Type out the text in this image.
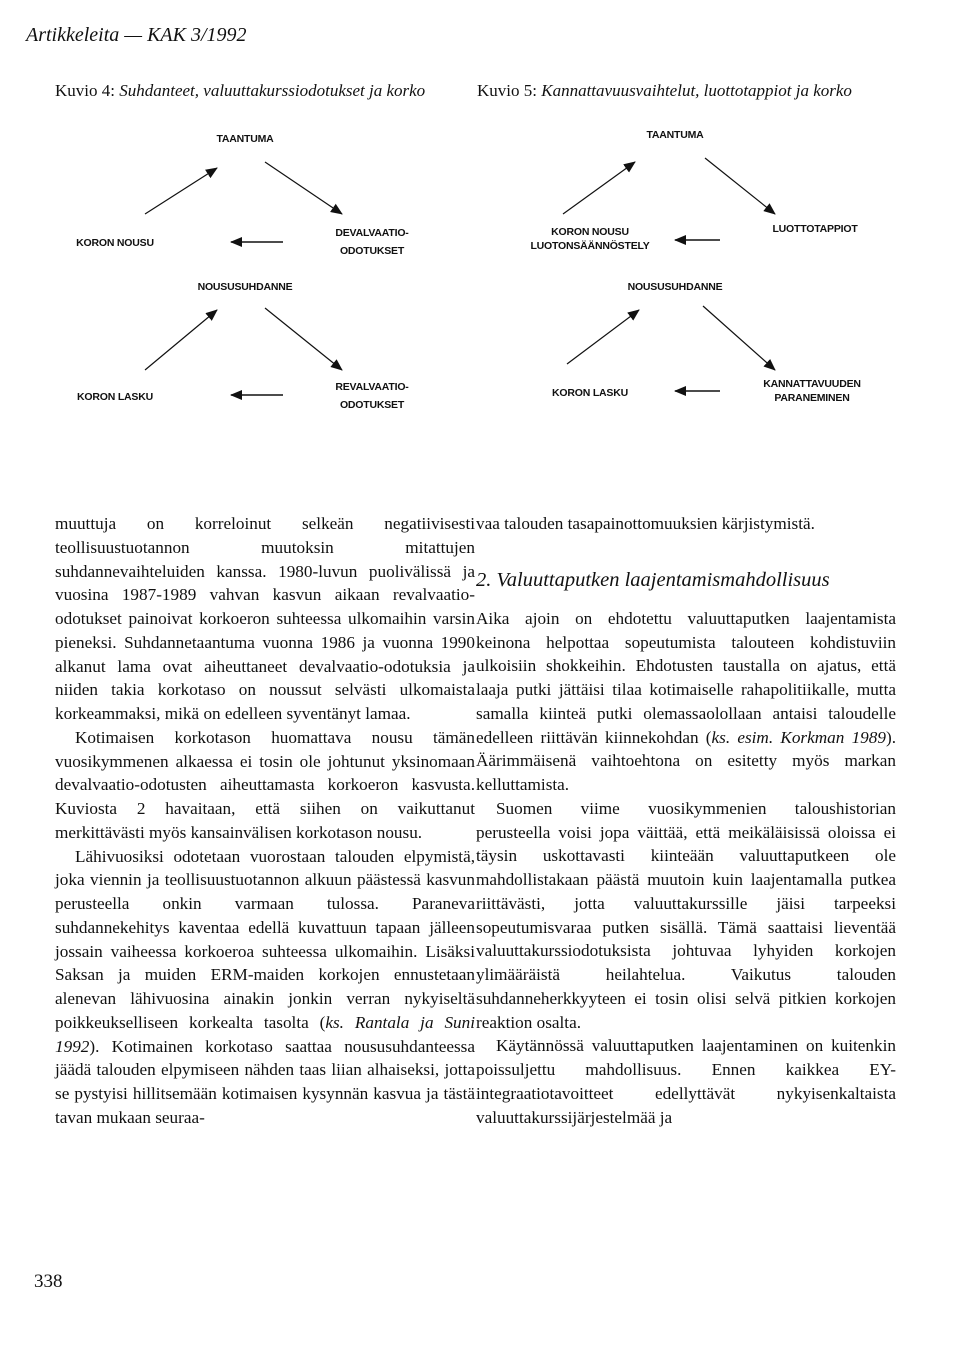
Artikkeleita — KAK 3/1992
Kuvio 4: Suhdanteet, valuuttakurssiodotukset ja korko	Kuvio 5: Kannattavuusvaihtelut, luottotappiot ja korko
TAANTUMA
KORON NOUSU
DEVALVAATIO-
ODOTUKSET
NOUSUSUHDANNE
KORON LASKU
REVALVAATIO-
ODOTUKSET
TAANTUMA
KORON NOUSU
LUOTONSÄÄNNÖSTELY
LUOTTOTAPPIOT
NOUSUSUHDANNE
KORON LASKU
KANNATTAVUUDEN
PARANEMINEN

muuttuja on korreloinut selkeän negatiivisesti teollisuustuotannon muutoksin mitattujen suhdannevaihteluiden kanssa. 1980-luvun puolivälissä ja vuosina 1987-1989 vahvan kasvun aikaan revalvaatio-odotukset painoivat korkoeron suhteessa ulkomaihin varsin pieneksi. Suhdannetaantuma vuonna 1986 ja vuonna 1990 alkanut lama ovat aiheuttaneet devalvaatio-odotuksia ja niiden takia korkotaso on noussut selvästi ulkomaista korkeammaksi, mikä on edelleen syventänyt lamaa.

Kotimaisen korkotason huomattava nousu tämän vuosikymmenen alkaessa ei tosin ole johtunut yksinomaan devalvaatio-odotusten aiheuttamasta korkoeron kasvusta. Kuviosta 2 havaitaan, että siihen on vaikuttanut merkittävästi myös kansainvälisen korkotason nousu.

Lähivuosiksi odotetaan vuorostaan talouden elpymistä, joka viennin ja teollisuustuotannon alkuun päästessä kasvun perusteella onkin varmaan tulossa. Paraneva suhdannekehitys kaventaa edellä kuvattuun tapaan jälleen jossain vaiheessa korkoeroa suhteessa ulkomaihin. Lisäksi Saksan ja muiden ERM-maiden korkojen ennustetaan alenevan lähivuosina ainakin jonkin verran nykyiseltä poikkeukselliseen korkealta tasolta (ks. Rantala ja Suni 1992). Kotimainen korkotaso saattaa noususuhdanteessa jäädä talouden elpymiseen nähden taas liian alhaiseksi, jotta se pystyisi hillitsemään kotimaisen kysynnän kasvua ja tästä tavan mukaan seuraa-

vaa talouden tasapainottomuuksien kärjistymistä.

2. Valuuttaputken laajentamismahdollisuus

Aika ajoin on ehdotettu valuuttaputken laajentamista keinona helpottaa sopeutumista talouteen kohdistuviin ulkoisiin shokkeihin. Ehdotusten taustalla on ajatus, että laaja putki jättäisi tilaa kotimaiselle rahapolitiikalle, mutta samalla kiinteä putki olemassaolollaan antaisi taloudelle edelleen riittävän kiinnekohdan (ks. esim. Korkman 1989). Äärimmäisenä vaihtoehtona on esitetty myös markan kelluttamista.

Suomen viime vuosikymmenien taloushistorian perusteella voisi jopa väittää, että meikäläisissä oloissa ei täysin uskottavasti kiinteään valuuttaputkeen ole mahdollistakaan päästä muutoin kuin laajentamalla putkea riittävästi, jotta valuuttakurssille jäisi tarpeeksi sopeutumisvaraa putken sisällä. Tämä saattaisi lieventää valuuttakurssiodotuksista johtuvaa lyhyiden korkojen ylimääräistä heilahtelua. Vaikutus talouden suhdanneherkkyyteen ei tosin olisi selvä pitkien korkojen reaktion osalta.

Käytännössä valuuttaputken laajentaminen on kuitenkin poissuljettu mahdollisuus. Ennen kaikkea EY-integraatiotavoitteet edellyttävät nykyisenkaltaista valuuttakurssijärjestelmää ja

338
